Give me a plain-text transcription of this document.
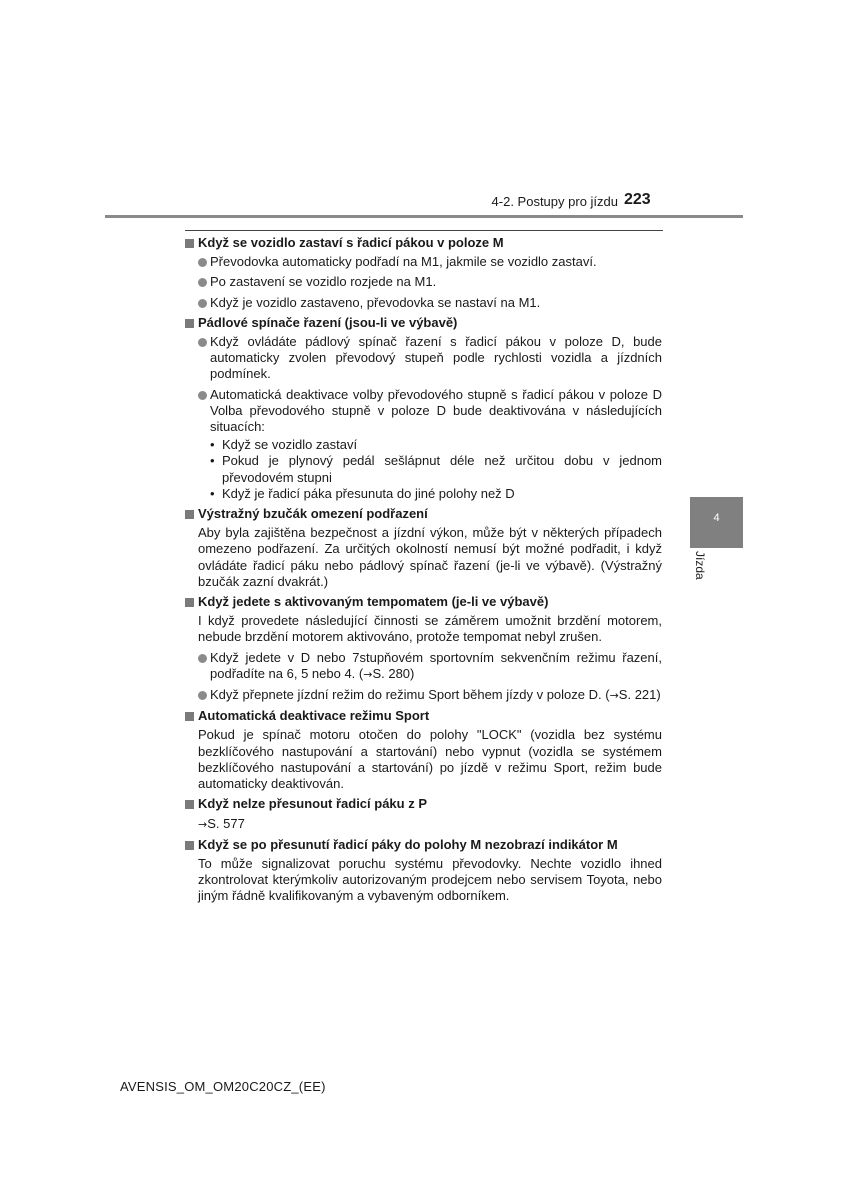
4-2. Postupy pro jízdu 223
4
Jízda
Když se vozidlo zastaví s řadicí pákou v poloze M
Převodovka automaticky podřadí na M1, jakmile se vozidlo zastaví.
Po zastavení se vozidlo rozjede na M1.
Když je vozidlo zastaveno, převodovka se nastaví na M1.
Pádlové spínače řazení (jsou-li ve výbavě)
Když ovládáte pádlový spínač řazení s řadicí pákou v poloze D, bude automaticky zvolen převodový stupeň podle rychlosti vozidla a jízdních podmínek.
Automatická deaktivace volby převodového stupně s řadicí pákou v poloze D Volba převodového stupně v poloze D bude deaktivována v následujících situacích:
• Když se vozidlo zastaví
• Pokud je plynový pedál sešlápnut déle než určitou dobu v jednom převodovém stupni
• Když je řadicí páka přesunuta do jiné polohy než D
Výstražný bzučák omezení podřazení
Aby byla zajištěna bezpečnost a jízdní výkon, může být v některých případech omezeno podřazení. Za určitých okolností nemusí být možné podřadit, i když ovládáte řadicí páku nebo pádlový spínač řazení (je-li ve výbavě). (Výstražný bzučák zazní dvakrát.)
Když jedete s aktivovaným tempomatem (je-li ve výbavě)
I když provedete následující činnosti se záměrem umožnit brzdění motorem, nebude brzdění motorem aktivováno, protože tempomat nebyl zrušen.
Když jedete v D nebo 7stupňovém sportovním sekvenčním režimu řazení, podřadíte na 6, 5 nebo 4. (→S. 280)
Když přepnete jízdní režim do režimu Sport během jízdy v poloze D. (→S. 221)
Automatická deaktivace režimu Sport
Pokud je spínač motoru otočen do polohy "LOCK" (vozidla bez systému bezklíčového nastupování a startování) nebo vypnut (vozidla se systémem bezklíčového nastupování a startování) po jízdě v režimu Sport, režim bude automaticky deaktivován.
Když nelze přesunout řadicí páku z P
→S. 577
Když se po přesunutí řadicí páky do polohy M nezobrazí indikátor M
To může signalizovat poruchu systému převodovky. Nechte vozidlo ihned zkontrolovat kterýmkoliv autorizovaným prodejcem nebo servisem Toyota, nebo jiným řádně kvalifikovaným a vybaveným odborníkem.
AVENSIS_OM_OM20C20CZ_(EE)
